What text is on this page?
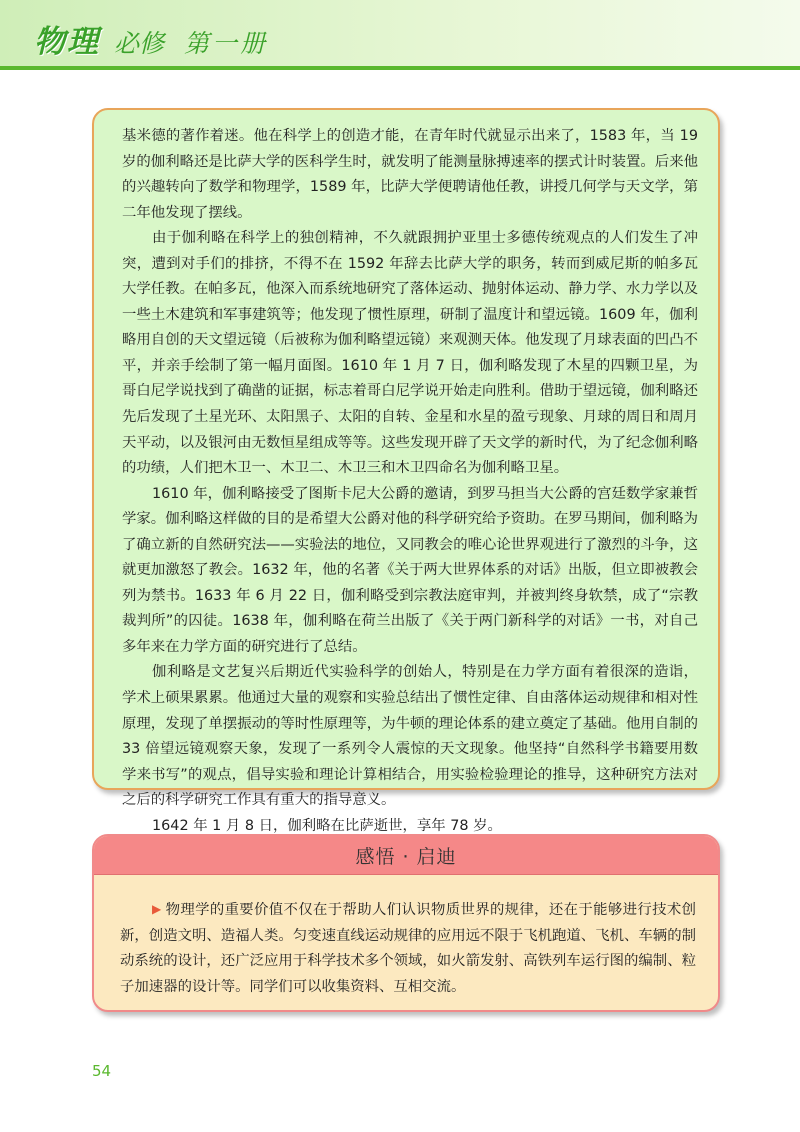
物理 必修 第一册

基米德的著作着迷。他在科学上的创造才能，在青年时代就显示出来了，1583 年，当 19 岁的伽利略还是比萨大学的医科学生时，就发明了能测量脉搏速率的摆式计时装置。后来他的兴趣转向了数学和物理学，1589 年，比萨大学便聘请他任教，讲授几何学与天文学，第二年他发现了摆线。

由于伽利略在科学上的独创精神，不久就跟拥护亚里士多德传统观点的人们发生了冲突，遭到对手们的排挤，不得不在 1592 年辞去比萨大学的职务，转而到威尼斯的帕多瓦大学任教。在帕多瓦，他深入而系统地研究了落体运动、抛射体运动、静力学、水力学以及一些土木建筑和军事建筑等；他发现了惯性原理，研制了温度计和望远镜。1609 年，伽利略用自创的天文望远镜（后被称为伽利略望远镜）来观测天体。他发现了月球表面的凹凸不平，并亲手绘制了第一幅月面图。1610 年 1 月 7 日，伽利略发现了木星的四颗卫星，为哥白尼学说找到了确凿的证据，标志着哥白尼学说开始走向胜利。借助于望远镜，伽利略还先后发现了土星光环、太阳黑子、太阳的自转、金星和水星的盈亏现象、月球的周日和周月天平动，以及银河由无数恒星组成等等。这些发现开辟了天文学的新时代，为了纪念伽利略的功绩，人们把木卫一、木卫二、木卫三和木卫四命名为伽利略卫星。

1610 年，伽利略接受了图斯卡尼大公爵的邀请，到罗马担当大公爵的宫廷数学家兼哲学家。伽利略这样做的目的是希望大公爵对他的科学研究给予资助。在罗马期间，伽利略为了确立新的自然研究法——实验法的地位，又同教会的唯心论世界观进行了激烈的斗争，这就更加激怒了教会。1632 年，他的名著《关于两大世界体系的对话》出版，但立即被教会列为禁书。1633 年 6 月 22 日，伽利略受到宗教法庭审判，并被判终身软禁，成了“宗教裁判所”的囚徒。1638 年，伽利略在荷兰出版了《关于两门新科学的对话》一书，对自己多年来在力学方面的研究进行了总结。

伽利略是文艺复兴后期近代实验科学的创始人，特别是在力学方面有着很深的造诣，学术上硕果累累。他通过大量的观察和实验总结出了惯性定律、自由落体运动规律和相对性原理，发现了单摆振动的等时性原理等，为牛顿的理论体系的建立奠定了基础。他用自制的 33 倍望远镜观察天象，发现了一系列令人震惊的天文现象。他坚持“自然科学书籍要用数学来书写”的观点，倡导实验和理论计算相结合，用实验检验理论的推导，这种研究方法对之后的科学研究工作具有重大的指导意义。

1642 年 1 月 8 日，伽利略在比萨逝世，享年 78 岁。

感悟 · 启迪
▶ 物理学的重要价值不仅在于帮助人们认识物质世界的规律，还在于能够进行技术创新，创造文明、造福人类。匀变速直线运动规律的应用远不限于飞机跑道、飞机、车辆的制动系统的设计，还广泛应用于科学技术多个领域，如火箭发射、高铁列车运行图的编制、粒子加速器的设计等。同学们可以收集资料、互相交流。
54
